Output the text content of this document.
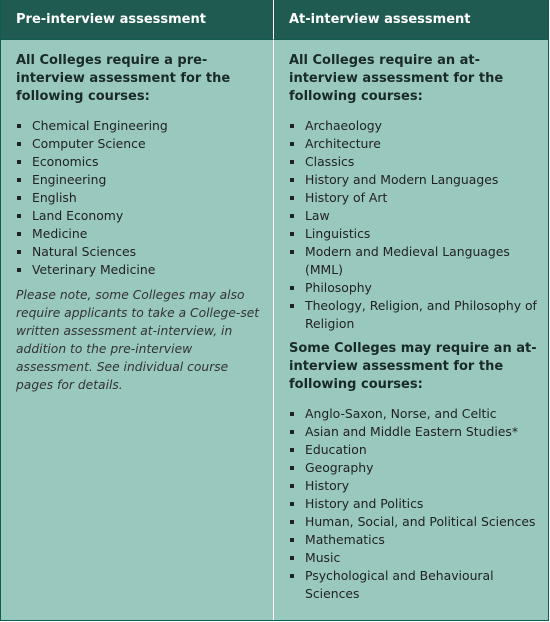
Pre-interview assessment	At-interview assessment

All Colleges require a pre-interview assessment for the following courses:

Chemical Engineering
Computer Science
Economics
Engineering
English
Land Economy
Medicine
Natural Sciences
Veterinary Medicine

Please note, some Colleges may also require applicants to take a College-set written assessment at-interview, in addition to the pre-interview assessment. See individual course pages for details.

All Colleges require an at-interview assessment for the following courses:

Archaeology
Architecture
Classics
History and Modern Languages
History of Art
Law
Linguistics
Modern and Medieval Languages (MML)
Philosophy
Theology, Religion, and Philosophy of Religion

Some Colleges may require an at-interview assessment for the following courses:

Anglo-Saxon, Norse, and Celtic
Asian and Middle Eastern Studies*
Education
Geography
History
History and Politics
Human, Social, and Political Sciences
Mathematics
Music
Psychological and Behavioural Sciences
